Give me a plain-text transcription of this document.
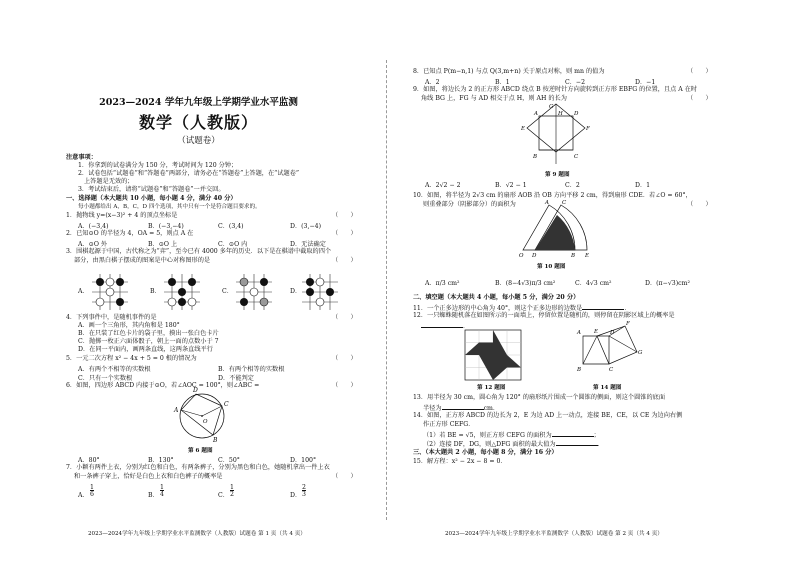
2023—2024 学年九年级上学期学业水平监测
数学（人教版）
（试题卷）
注意事项：
1．你拿到的试卷满分为 150 分，考试时间为 120 分钟；
2．试卷包括“试题卷”和“答题卷”两部分，请务必在“答题卷”上答题，在“试题卷”
上答题是无效的；
3．考试结束后，请将“试题卷”和“答题卷”一并交回。
一、选择题（本大题共 10 小题，每小题 4 分，满分 40 分）
每小题都给出 A，B，C，D 四个选项，其中只有一个是符合题目要求的。
1．抛物线 y=(x−3)² + 4 的顶点坐标是	（　　）
A．(−3,4)	B．(−3,−4)	C．(3,4)	D．(3,−4)
2．已知⊙O 的半径为 4，OA = 5，则点 A 在	（　　）
A．⊙O 外	B．⊙O 上	C．⊙O 内	D．无法确定
3．围棋起源于中国，古代称之为“弈”，至今已有 4000 多年的历史．以下是在棋谱中截取的四个
部分，由黑白棋子摆成的图案是中心对称图形的是	（　　）
A．	B．	C．	D．
4．下列事件中，是随机事件的是	（　　）
A．画一个三角形，其内角和是 180°
B．在只装了红色卡片的袋子里，摸出一张白色卡片
C．抛掷一枚正六面体骰子，朝上一面的点数小于 7
D．在同一平面内，画两条直线，这两条直线平行
5．一元二次方程 x² − 4x + 5 = 0 根的情况为	（　　）
A．有两个不相等的实数根	B．有两个相等的实数根
C．只有一个实数根	D．不能判定
6．如图，四边形 ABCD 内接于⊙O，若∠AOC = 100°，则∠ABC =	（　　）
A
D
C
B
O
第 6 题图
A．80°	B．130°	C．50°	D．100°
7．小颖有两件上衣，分别为红色和白色，有两条裤子，分别为黑色和白色，她随机拿出一件上衣
和一条裤子穿上，恰好是白色上衣和白色裤子的概率是	（　　）
A．
1
6	B．
1
4	C．
1
2	D．
2
3
2023—2024学年九年级上学期学业水平监测数学（人教版）试题卷 第 1 页（共 4 页）
8．已知点 P(m−n,1) 与点 Q(3,m+n) 关于原点对称，则 mn 的值为	（　　）
A．2	B．1	C．−2	D．−1
9．如图，将边长为 2 的正方形 ABCD 绕点 B 按逆时针方向旋转到正方形 EBFG 的位置，且点 A 在时
角线 BG 上，FG 与 AD 相交于点 H，则 AH 的长为	（　　）
G
A	H D
E	F
B	C
第 9 题图
A．2√2 − 2	B．√2 − 1	C．2	D．1
10．如图，将半径为 2√3 cm 的扇形 AOB 沿 OB 方向平移 2 cm，得到扇形 CDE．若∠O = 60°，
则重叠部分（阴影部分）的面积为	（　　）
O D	B E
A C
第 10 题图
A．π/3 cm²	B．(8−4√3)π/3 cm²	C．4√3 cm²	D．(π−√3)cm²
二、填空题（本大题共 4 小题，每小题 5 分，满分 20 分）
11．一个正多边形的中心角为 40°，则这个正多边形的边数是	．
12．一只蜘蛛随机落在如图所示的一面墙上，停留位置是随机的，则停留在阴影区域上的概率是
．
第 12 题图
A E D
F
G
B	C
第 14 题图
13．用半径为 30 cm，圆心角为 120° 的扇形纸片围成一个圆锥的侧面，则这个圆锥的底面
半径为	cm．
14．如图，正方形 ABCD 的边长为 2，E 为边 AD 上一动点，连接 BE，CE，以 CE 为边向右侧
作正方形 CEFG．
（1）若 BE = √5，则正方形 CEFG 的面积为	；
（2）连接 DF，DG，则△DFG 面积的最大值为	．
三、（本大题共 2 小题，每小题 8 分，满分 16 分）
15．解方程：x² − 2x − 8 = 0．
2023—2024学年九年级上学期学业水平监测数学（人教版）试题卷 第 2 页（共 4 页）
